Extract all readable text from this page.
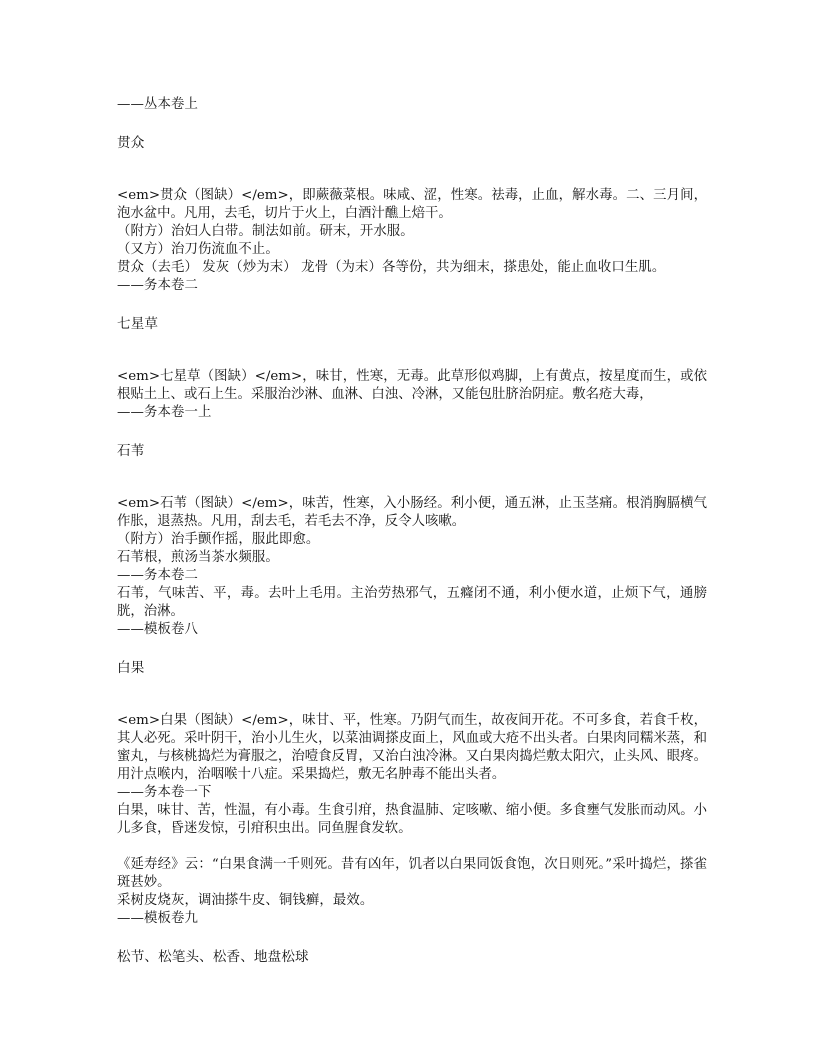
——丛本卷上
贯众
<em>贯众（图缺）</em>，即蕨薇菜根。味咸、涩，性寒。祛毒，止血，解水毒。二、三月间，泡水盆中。凡用，去毛，切片于火上，白酒汁醮上焙干。
（附方）治妇人白带。制法如前。研末，开水服。
（又方）治刀伤流血不止。
贯众（去毛） 发灰（炒为末） 龙骨（为末）各等份，共为细末，搽患处，能止血收口生肌。
——务本卷二
七星草
<em>七星草（图缺）</em>，味甘，性寒，无毒。此草形似鸡脚，上有黄点，按星度而生，或依根贴土上、或石上生。采服治沙淋、血淋、白浊、冷淋，又能包肚脐治阴症。敷名疮大毒，
——务本卷一上
石苇
<em>石苇（图缺）</em>，味苦，性寒，入小肠经。利小便，通五淋，止玉茎痛。根消胸膈横气作胀，退蒸热。凡用，刮去毛，若毛去不净，反令人咳嗽。
（附方）治手颤作摇，服此即愈。
石苇根，煎汤当茶水频服。
——务本卷二
石苇，气味苦、平，毒。去叶上毛用。主治劳热邪气，五癃闭不通，利小便水道，止烦下气，通膀胱，治淋。
——模板卷八
白果
<em>白果（图缺）</em>，味甘、平，性寒。乃阴气而生，故夜间开花。不可多食，若食千枚，其人必死。采叶阴干，治小儿生火，以菜油调搽皮面上，风血或大疮不出头者。白果肉同糯米蒸，和蜜丸，与核桃捣烂为膏服之，治噎食反胃，又治白浊冷淋。又白果肉捣烂敷太阳穴，止头风、眼疼。用汁点喉内，治咽喉十八症。采果捣烂，敷无名肿毒不能出头者。
——务本卷一下
白果，味甘、苦，性温，有小毒。生食引疳，热食温肺、定咳嗽、缩小便。多食壅气发胀而动风。小儿多食，昏迷发惊，引疳积虫出。同鱼腥食发软。
《延寿经》云：“白果食满一千则死。昔有凶年，饥者以白果同饭食饱，次日则死。”采叶捣烂，搽雀斑甚妙。
采树皮烧灰，调油搽牛皮、铜钱癣，最效。
——模板卷九
松节、松笔头、松香、地盘松球
